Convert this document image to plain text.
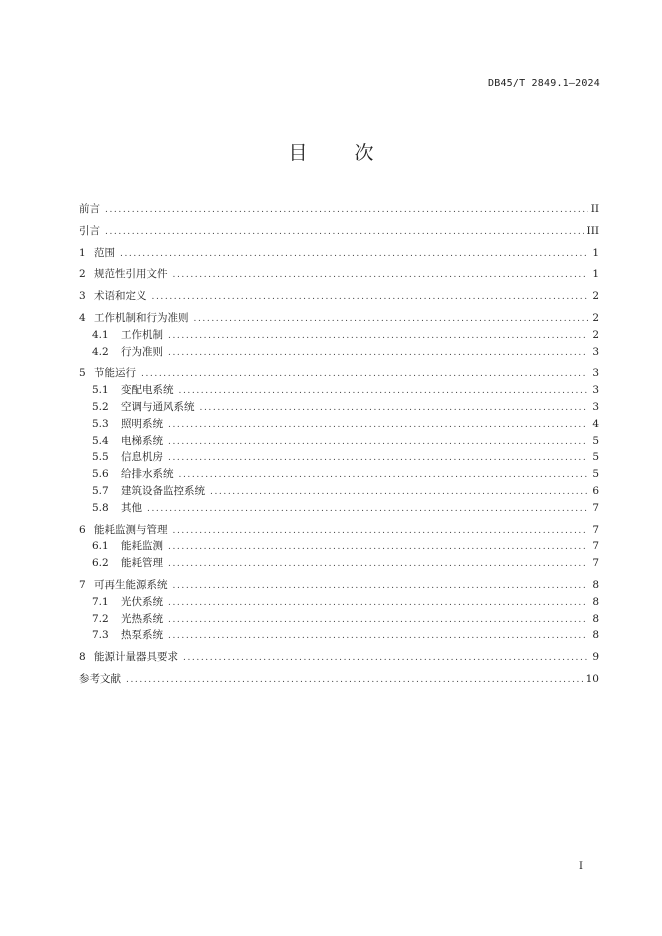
DB45/T 2849.1—2024
目　次
前言 .....	II
引言 .....	III
1 范围 .....	1
2 规范性引用文件 .....	1
3 术语和定义 .....	2
4 工作机制和行为准则 .....	2
4.1	工作机制 .....	2
4.2	行为准则 .....	3
5 节能运行 .....	3
5.1	变配电系统 .....	3
5.2	空调与通风系统 .....	3
5.3	照明系统 .....	4
5.4	电梯系统 .....	5
5.5	信息机房 .....	5
5.6	给排水系统 .....	5
5.7	建筑设备监控系统 .....	6
5.8	其他 .....	7
6 能耗监测与管理 .....	7
6.1	能耗监测 .....	7
6.2	能耗管理 .....	7
7 可再生能源系统 .....	8
7.1	光伏系统 .....	8
7.2	光热系统 .....	8
7.3	热泵系统 .....	8
8 能源计量器具要求 .....	9
参考文献 .....	10
I
